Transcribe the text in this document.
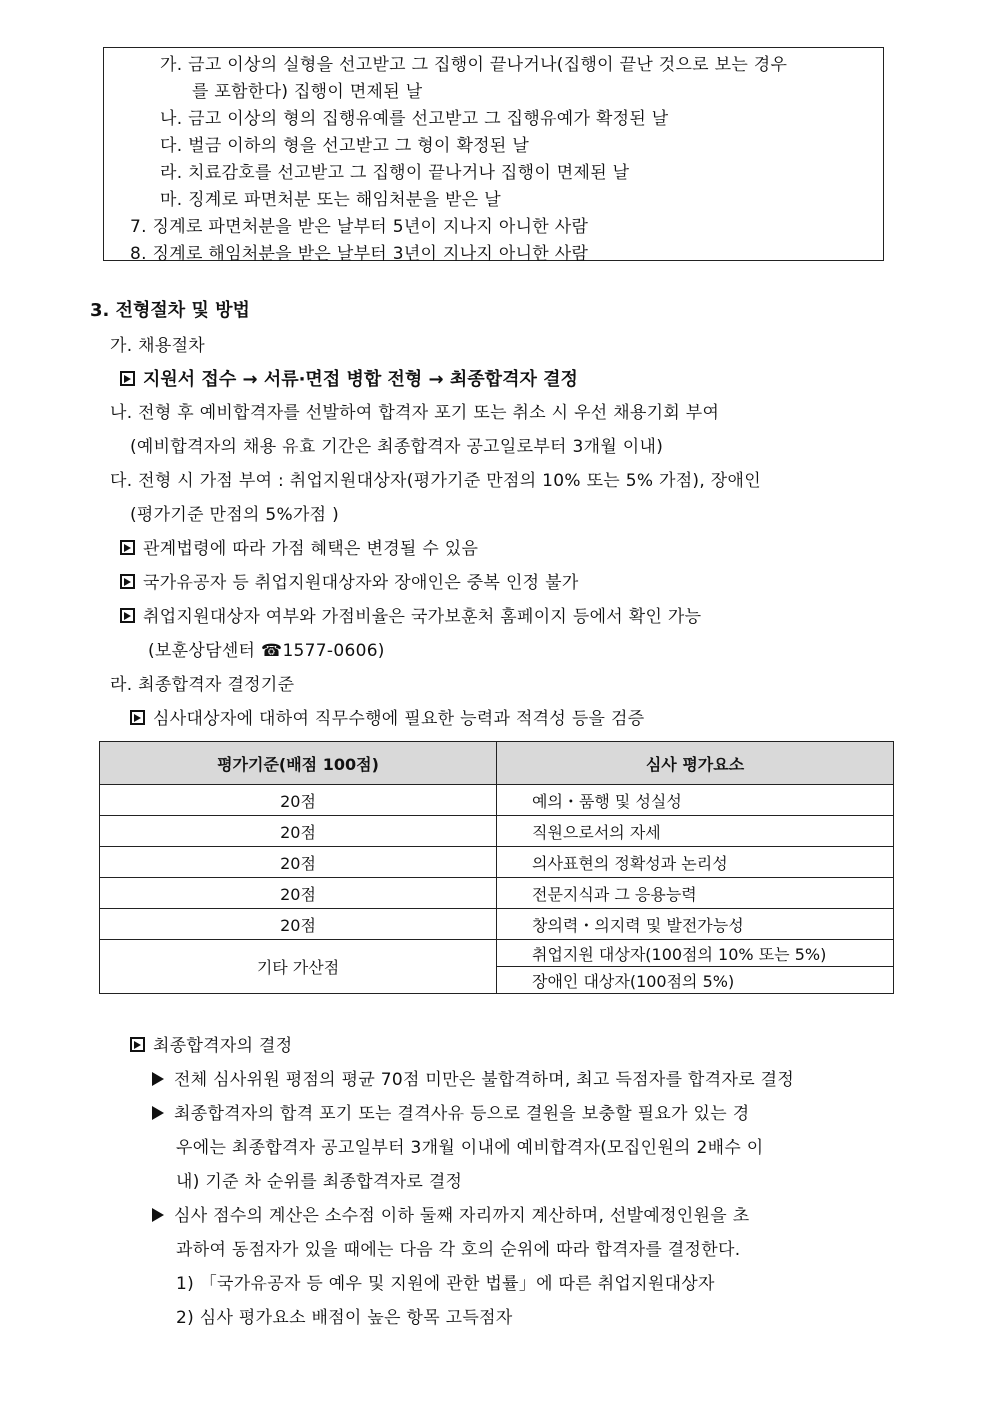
가. 금고 이상의 실형을 선고받고 그 집행이 끝나거나(집행이 끝난 것으로 보는 경우
를 포함한다) 집행이 면제된 날
나. 금고 이상의 형의 집행유예를 선고받고 그 집행유예가 확정된 날
다. 벌금 이하의 형을 선고받고 그 형이 확정된 날
라. 치료감호를 선고받고 그 집행이 끝나거나 집행이 면제된 날
마. 징계로 파면처분 또는 해임처분을 받은 날
7. 징계로 파면처분을 받은 날부터 5년이 지나지 아니한 사람
8. 징계로 해임처분을 받은 날부터 3년이 지나지 아니한 사람
3. 전형절차 및 방법
가. 채용절차
지원서 접수 → 서류·면접 병합 전형 → 최종합격자 결정
나. 전형 후 예비합격자를 선발하여 합격자 포기 또는 취소 시 우선 채용기회 부여
(예비합격자의 채용 유효 기간은 최종합격자 공고일로부터 3개월 이내)
다. 전형 시 가점 부여 : 취업지원대상자(평가기준 만점의 10% 또는 5% 가점), 장애인
(평가기준 만점의 5%가점 )
관계법령에 따라 가점 혜택은 변경될 수 있음
국가유공자 등 취업지원대상자와 장애인은 중복 인정 불가
취업지원대상자 여부와 가점비율은 국가보훈처 홈페이지 등에서 확인 가능
(보훈상담센터 ☎1577-0606)
라. 최종합격자 결정기준
심사대상자에 대하여 직무수행에 필요한 능력과 적격성 등을 검증
평가기준(배점 100점)	심사 평가요소
20점	예의・품행 및 성실성
20점	직원으로서의 자세
20점	의사표현의 정확성과 논리성
20점	전문지식과 그 응용능력
20점	창의력・의지력 및 발전가능성
기타 가산점	취업지원 대상자(100점의 10% 또는 5%)
	장애인 대상자(100점의 5%)
최종합격자의 결정
전체 심사위원 평점의 평균 70점 미만은 불합격하며, 최고 득점자를 합격자로 결정
최종합격자의 합격 포기 또는 결격사유 등으로 결원을 보충할 필요가 있는 경
우에는 최종합격자 공고일부터 3개월 이내에 예비합격자(모집인원의 2배수 이
내) 기준 차 순위를 최종합격자로 결정
심사 점수의 계산은 소수점 이하 둘째 자리까지 계산하며, 선발예정인원을 초
과하여 동점자가 있을 때에는 다음 각 호의 순위에 따라 합격자를 결정한다.
1) 「국가유공자 등 예우 및 지원에 관한 법률」에 따른 취업지원대상자
2) 심사 평가요소 배점이 높은 항목 고득점자
